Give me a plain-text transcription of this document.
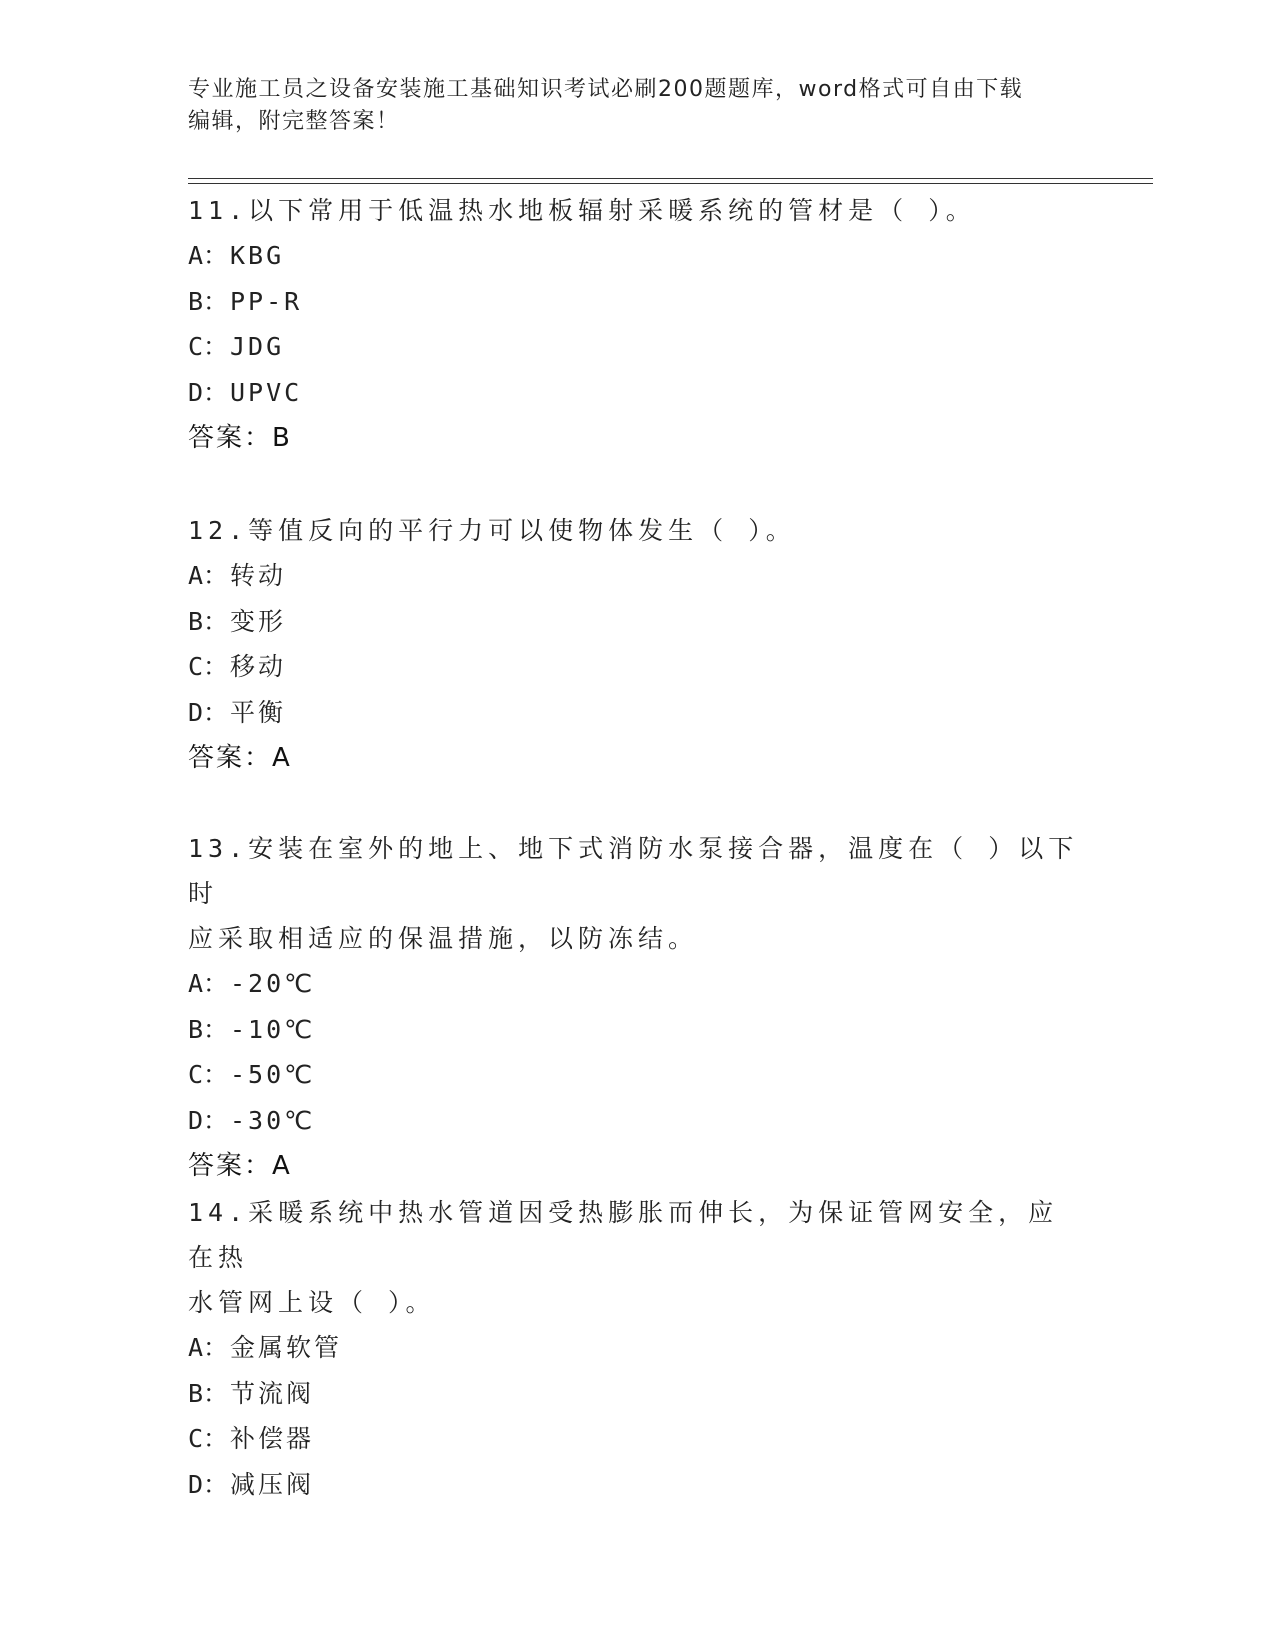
专业施工员之设备安装施工基础知识考试必刷200题题库，word格式可自由下载
编辑，附完整答案！

11.以下常用于低温热水地板辐射采暖系统的管材是（ ）。

A： KBG

B： PP-R

C： JDG

D： UPVC

答案：B

12.等值反向的平行力可以使物体发生（ ）。

A： 转动

B： 变形

C： 移动

D： 平衡

答案：A

13.安装在室外的地上、地下式消防水泵接合器，温度在（ ）以下时

应采取相适应的保温措施，以防冻结。

A： -20℃

B： -10℃

C： -50℃

D： -30℃

答案：A

14.采暖系统中热水管道因受热膨胀而伸长，为保证管网安全，应在热

水管网上设（ ）。

A： 金属软管

B： 节流阀

C： 补偿器

D： 减压阀
